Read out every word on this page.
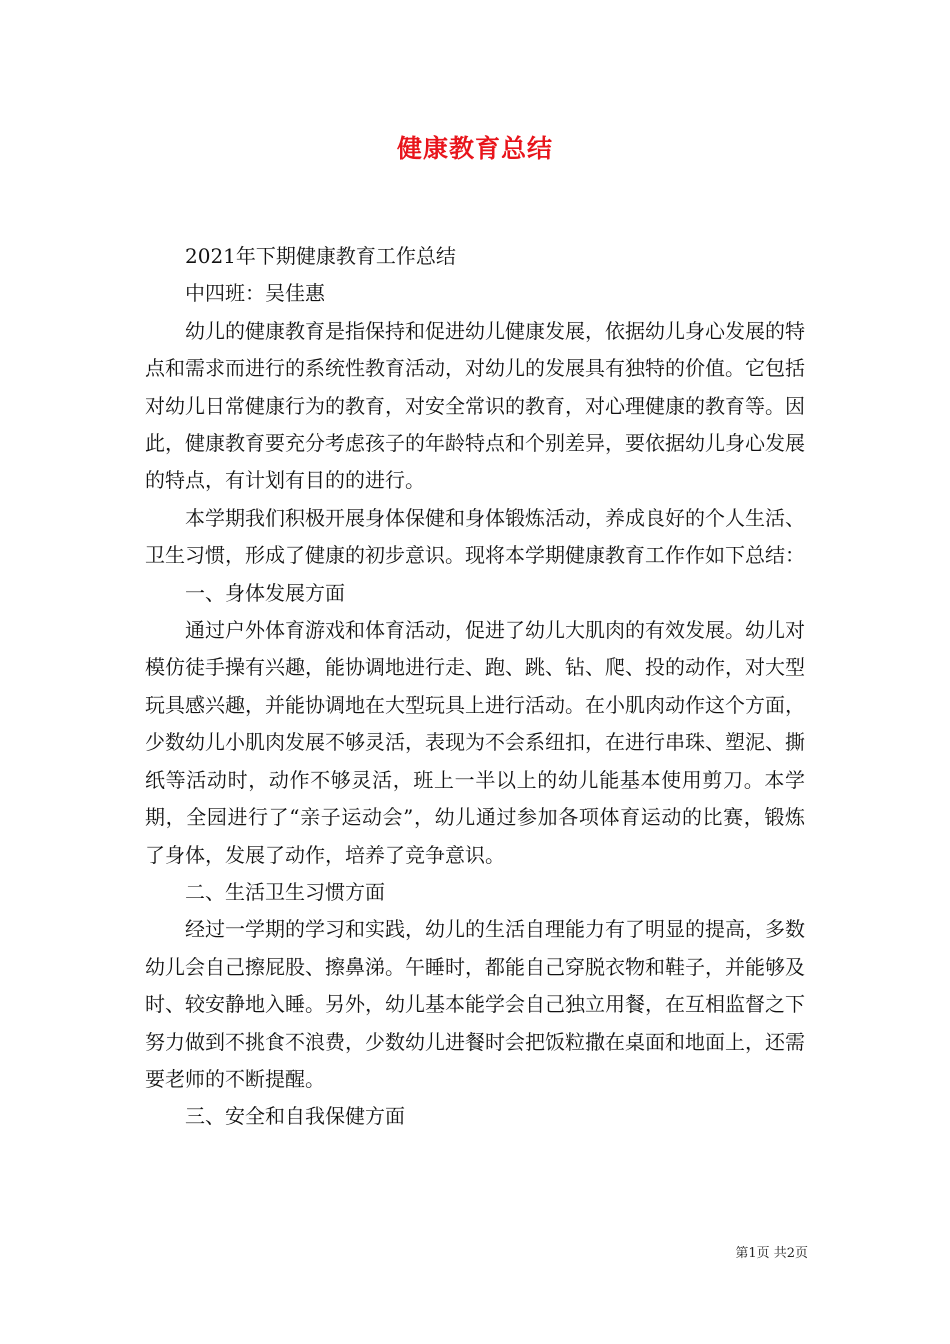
健康教育总结

2021年下期健康教育工作总结

中四班：吴佳惠

幼儿的健康教育是指保持和促进幼儿健康发展，依据幼儿身心发展的特点和需求而进行的系统性教育活动，对幼儿的发展具有独特的价值。它包括对幼儿日常健康行为的教育，对安全常识的教育，对心理健康的教育等。因此，健康教育要充分考虑孩子的年龄特点和个别差异，要依据幼儿身心发展的特点，有计划有目的的进行。

本学期我们积极开展身体保健和身体锻炼活动，养成良好的个人生活、卫生习惯，形成了健康的初步意识。现将本学期健康教育工作作如下总结：

一、身体发展方面

通过户外体育游戏和体育活动，促进了幼儿大肌肉的有效发展。幼儿对模仿徒手操有兴趣，能协调地进行走、跑、跳、钻、爬、投的动作，对大型玩具感兴趣，并能协调地在大型玩具上进行活动。在小肌肉动作这个方面，少数幼儿小肌肉发展不够灵活，表现为不会系纽扣，在进行串珠、塑泥、撕纸等活动时，动作不够灵活，班上一半以上的幼儿能基本使用剪刀。本学期，全园进行了“亲子运动会”，幼儿通过参加各项体育运动的比赛，锻炼了身体，发展了动作，培养了竞争意识。

二、生活卫生习惯方面

经过一学期的学习和实践，幼儿的生活自理能力有了明显的提高，多数幼儿会自己擦屁股、擦鼻涕。午睡时，都能自己穿脱衣物和鞋子，并能够及时、较安静地入睡。另外，幼儿基本能学会自己独立用餐，在互相监督之下努力做到不挑食不浪费，少数幼儿进餐时会把饭粒撒在桌面和地面上，还需要老师的不断提醒。

三、安全和自我保健方面

第1页 共2页
